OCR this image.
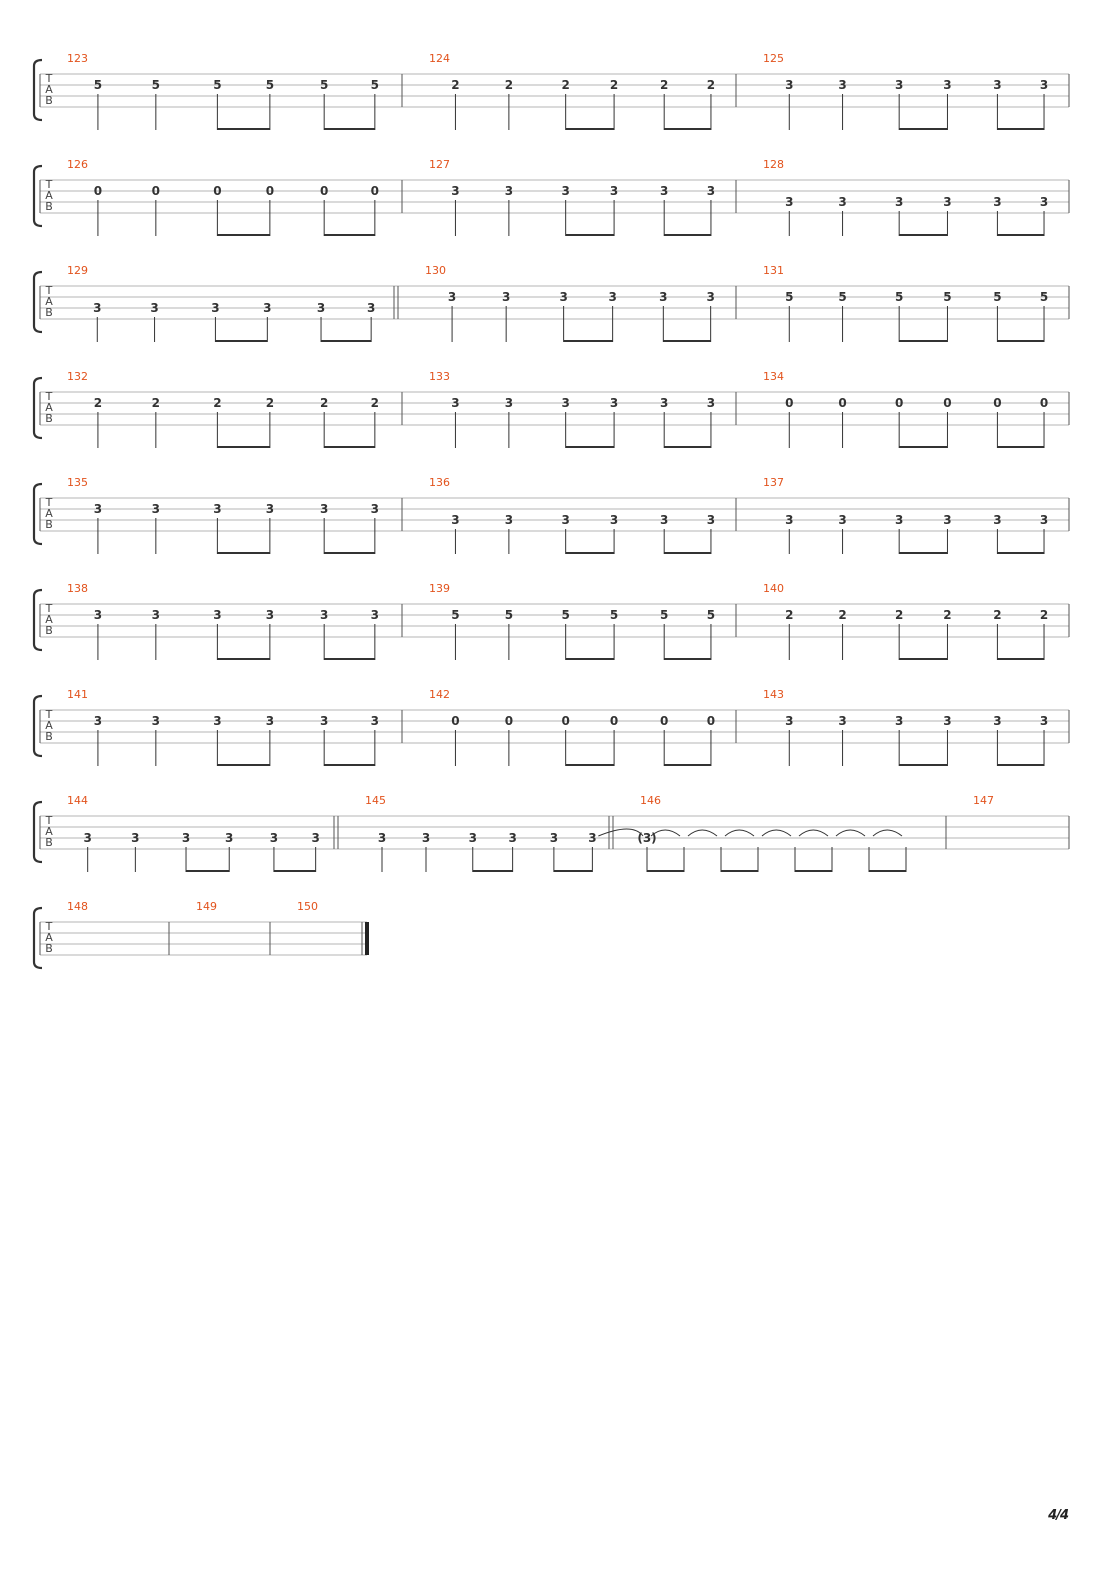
T
A
B
123
5	5	5	5	5	5
124
2	2	2	2	2	2
125
3	3	3	3	3	3
T
A
B
126
0	0	0	0	0	0
127
3	3	3	3	3	3
128
3	3	3	3	3	3
T
A
B
129
3	3	3	3	3	3
130
3	3	3	3	3	3
131
5	5	5	5	5	5
T
A
B
132
2	2	2	2	2	2
133
3	3	3	3	3	3
134
0	0	0	0	0	0
T
A
B
135
3	3	3	3	3	3
136
3	3	3	3	3	3
137
3	3	3	3	3	3
T
A
B
138
3	3	3	3	3	3
139
5	5	5	5	5	5
140
2	2	2	2	2	2
T
A
B
141
3	3	3	3	3	3
142
0	0	0	0	0	0
143
3	3	3	3	3	3
T
A
B
144
3	3	3	3	3	3
145
3	3	3	3	3	3
146
(3)
147
T
A
B
148	149	150
4/4
